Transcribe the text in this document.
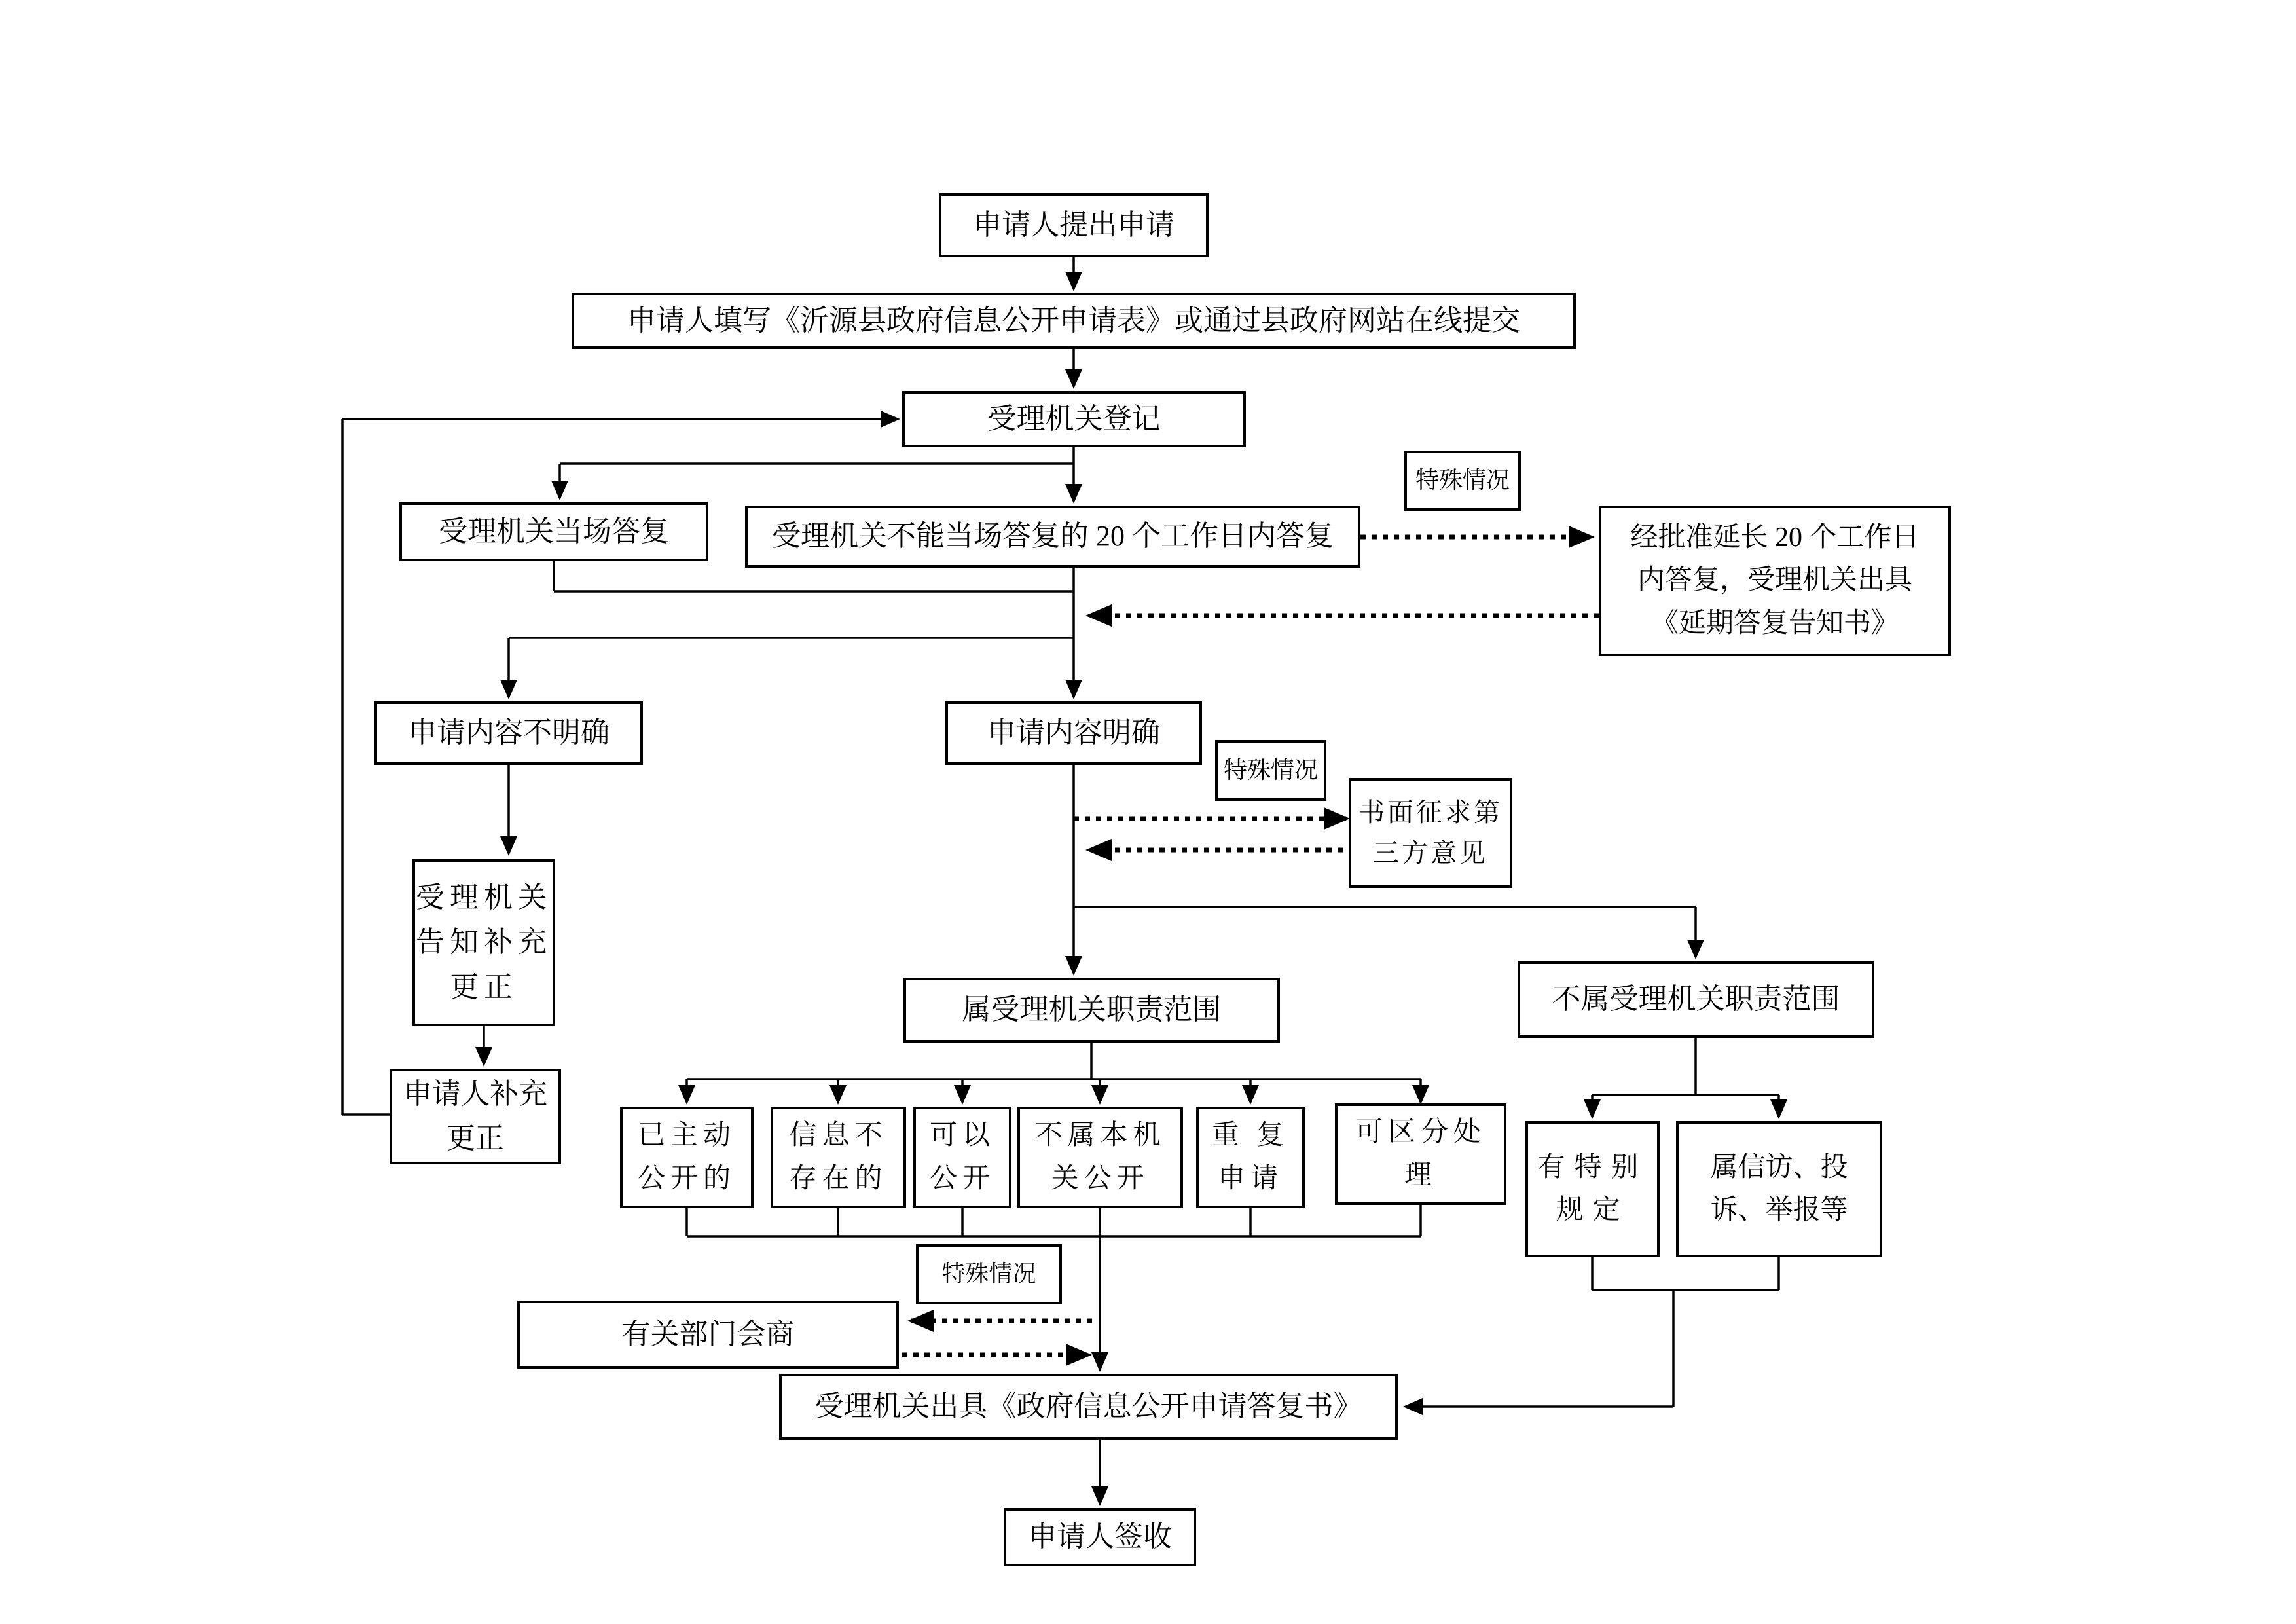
申请人提出申请
申请人填写《沂源县政府信息公开申请表》或通过县政府网站在线提交
受理机关登记
受理机关当场答复	受理机关不能当场答复的 20 个工作日内答复	经批准延长 20 个工作日
内答复，受理机关出具
《延期答复告知书》
申请内容不明确	申请内容明确
书面征求第
三方意见
受理机关
告知补充
更正
申请人补充
更正
属受理机关职责范围	不属受理机关职责范围
已主动
公开的
信息不
存在的
可以
公开
不属本机
关公开
重 复
申请
可区分处
理	有特别
规定
属信访、投
诉、举报等
受理机关出具《政府信息公开申请答复书》
有关部门会商
申请人签收
特殊情况
特殊情况
特殊情况
